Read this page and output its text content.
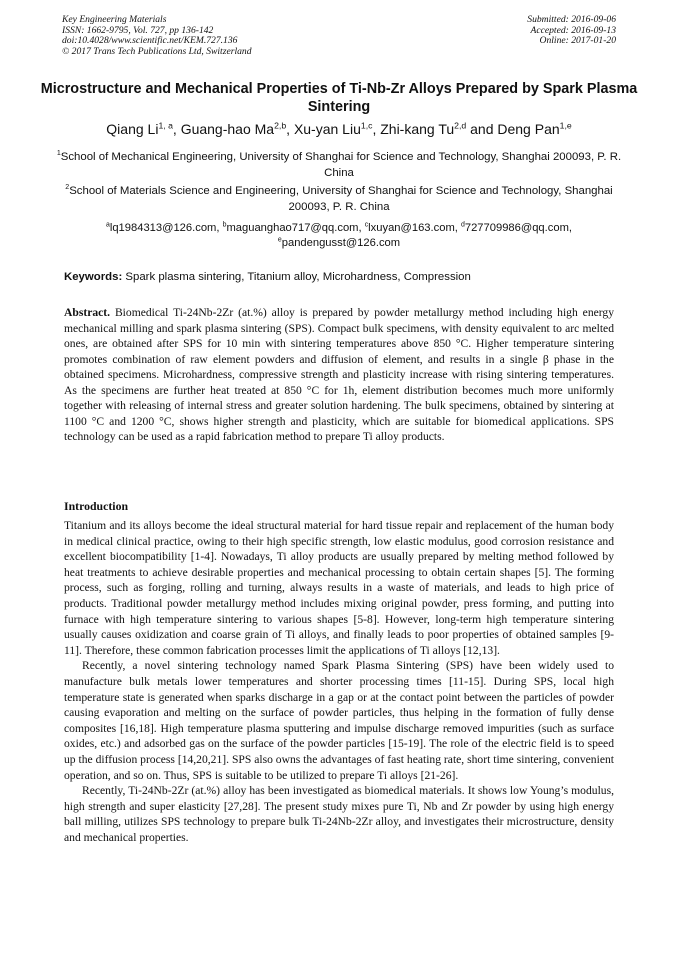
Key Engineering Materials
ISSN: 1662-9795, Vol. 727, pp 136-142
doi:10.4028/www.scientific.net/KEM.727.136
© 2017 Trans Tech Publications Ltd, Switzerland
Submitted: 2016-09-06
Accepted: 2016-09-13
Online: 2017-01-20
Microstructure and Mechanical Properties of Ti-Nb-Zr Alloys Prepared by Spark Plasma Sintering
Qiang Li$^{1, a}$, Guang-hao Ma$^{2,b}$, Xu-yan Liu$^{1,c}$, Zhi-kang Tu$^{2,d}$ and Deng Pan$^{1,e}$
$^1$School of Mechanical Engineering, University of Shanghai for Science and Technology, Shanghai 200093, P. R. China
$^2$School of Materials Science and Engineering, University of Shanghai for Science and Technology, Shanghai 200093, P. R. China
$^a$lq1984313@126.com, $^b$maguanghao717@qq.com, $^c$lxuyan@163.com, $^d$727709986@qq.com,
$^e$pandengusst@126.com
Keywords: Spark plasma sintering, Titanium alloy, Microhardness, Compression
Abstract. Biomedical Ti-24Nb-2Zr (at.%) alloy is prepared by powder metallurgy method including high energy mechanical milling and spark plasma sintering (SPS). Compact bulk specimens, with density equivalent to arc melted ones, are obtained after SPS for 10 min with sintering temperatures above 850 °C. Higher temperature sintering promotes combination of raw element powders and diffusion of element, and results in a single β phase in the obtained specimens. Microhardness, compressive strength and plasticity increase with rising sintering temperatures. As the specimens are further heat treated at 850 °C for 1h, element distribution becomes much more uniformly together with releasing of internal stress and greater solution hardening. The bulk specimens, obtained by sintering at 1100 °C and 1200 °C, shows higher strength and plasticity, which are suitable for biomedical applications. SPS technology can be used as a rapid fabrication method to prepare Ti alloy products.
Introduction

Titanium and its alloys become the ideal structural material for hard tissue repair and replacement of the human body in medical clinical practice, owing to their high specific strength, low elastic modulus, good corrosion resistance and excellent biocompatibility [1-4]. Nowadays, Ti alloy products are usually prepared by melting method followed by heat treatments to achieve desirable properties and mechanical processing to obtain certain shapes [5]. The forming process, such as forging, rolling and turning, always results in a waste of materials, and leads to high price of products. Traditional powder metallurgy method includes mixing original powder, press forming, and putting into furnace with high temperature sintering to various shapes [5-8]. However, long-term high temperature sintering usually causes oxidization and coarse grain of Ti alloys, and finally leads to poor properties of obtained samples [9-11]. Therefore, these common fabrication processes limit the applications of Ti alloys [12,13].

Recently, a novel sintering technology named Spark Plasma Sintering (SPS) have been widely used to manufacture bulk metals lower temperatures and shorter processing times [11-15]. During SPS, local high temperature state is generated when sparks discharge in a gap or at the contact point between the particles of powder causing evaporation and melting on the surface of powder particles, thus helping in the formation of fully dense composites [16,18]. High temperature plasma sputtering and impulse discharge removed impurities (such as surface oxides, etc.) and adsorbed gas on the surface of the powder particles [15-19]. The role of the electric field is to speed up the diffusion process [14,20,21]. SPS also owns the advantages of fast heating rate, short time sintering, convenient operation, and so on. Thus, SPS is suitable to be utilized to prepare Ti alloys [21-26].

Recently, Ti-24Nb-2Zr (at.%) alloy has been investigated as biomedical materials. It shows low Young’s modulus, high strength and super elasticity [27,28]. The present study mixes pure Ti, Nb and Zr powder by using high energy ball milling, utilizes SPS technology to prepare bulk Ti-24Nb-2Zr alloy, and investigates their microstructure, density and mechanical properties.
